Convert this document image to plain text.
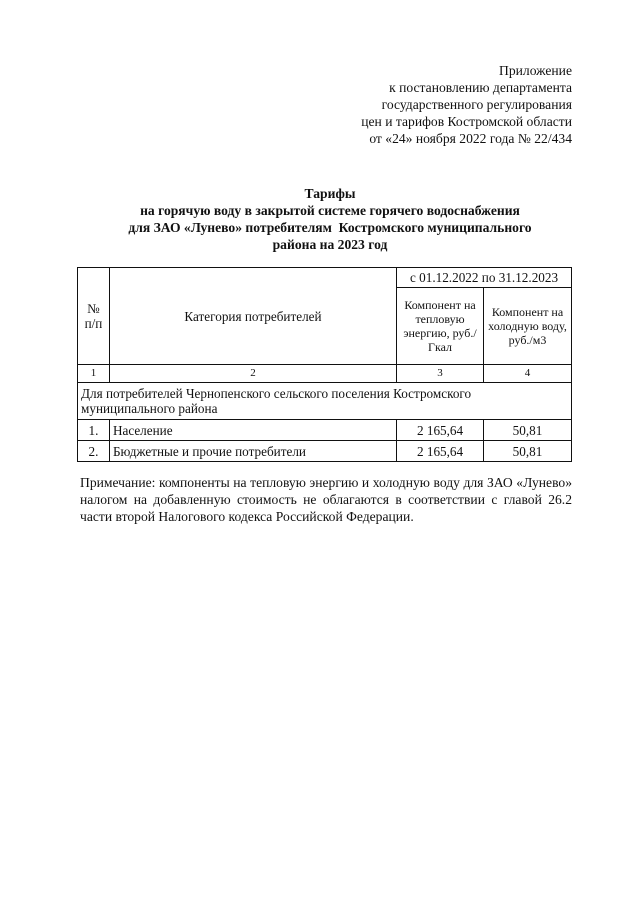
Приложение
к постановлению департамента
государственного регулирования
цен и тарифов Костромской области
от «24» ноября 2022 года № 22/434
Тарифы
на горячую воду в закрытой системе горячего водоснабжения
для ЗАО «Лунево» потребителям  Костромского муниципального
района на 2023 год
№ п/п	Категория потребителей	с 01.12.2022 по 31.12.2023	
		Компонент на тепловую энергию, руб./Гкал	Компонент на холодную воду, руб./м3
1	2	3	4
Для потребителей Чернопенского сельского поселения Костромского муниципального района			
1.	Население	2 165,64	50,81
2.	Бюджетные и прочие потребители	2 165,64	50,81
Примечание: компоненты на тепловую энергию и холодную воду для ЗАО «Лунево» налогом на добавленную стоимость не облагаются в соответствии с главой 26.2 части второй Налогового кодекса Российской Федерации.
